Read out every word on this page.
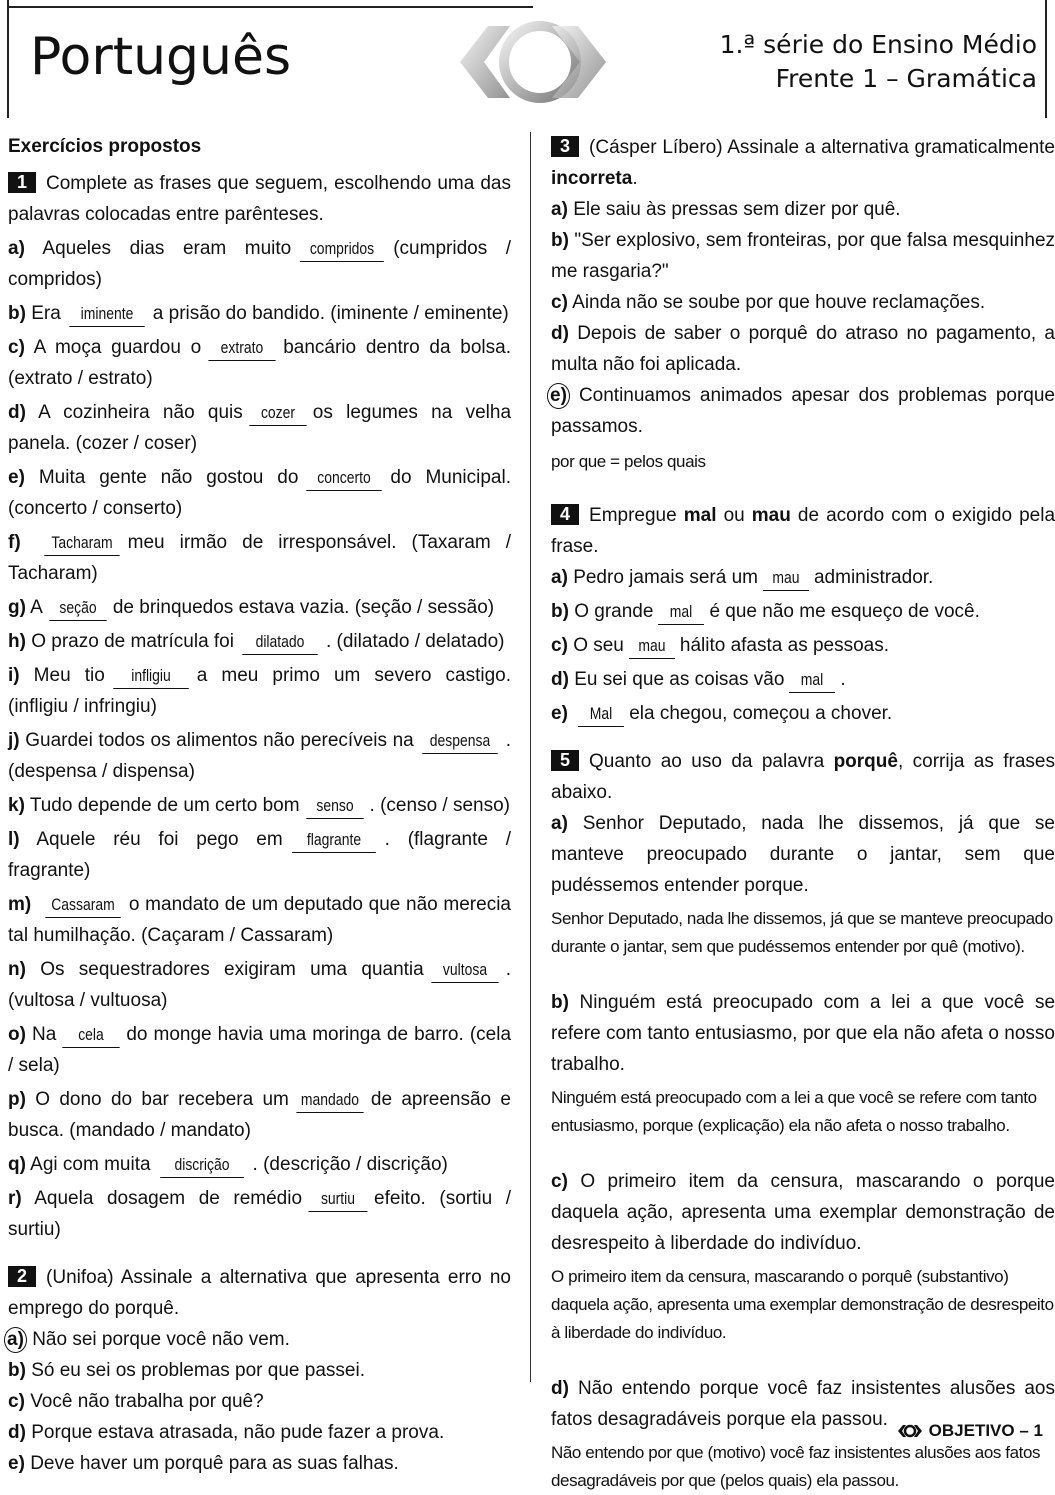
Português	1.ª série do Ensino Médio
Frente 1 – Gramática
Exercícios propostos
1 Complete as frases que seguem, escolhendo uma das palavras colocadas entre parênteses.
a) Aqueles dias eram muito compridos (cumpridos / compridos)
b) Era iminente a prisão do bandido. (iminente / eminente)
c) A moça guardou o extrato bancário dentro da bolsa. (extrato / estrato)
d) A cozinheira não quis cozer os legumes na velha panela. (cozer / coser)
e) Muita gente não gostou do concerto do Municipal. (concerto / conserto)
f) Tacharam meu irmão de irresponsável. (Taxaram / Tacharam)
g) A seção de brinquedos estava vazia. (seção / sessão)
h) O prazo de matrícula foi dilatado . (dilatado / delatado)
i) Meu tio infligiu a meu primo um severo castigo. (infligiu / infringiu)
j) Guardei todos os alimentos não perecíveis na despensa . (despensa / dispensa)
k) Tudo depende de um certo bom senso . (censo / senso)
l) Aquele réu foi pego em flagrante . (flagrante / fragrante)
m) Cassaram o mandato de um deputado que não merecia tal humilhação. (Caçaram / Cassaram)
n) Os sequestradores exigiram uma quantia vultosa . (vultosa / vultuosa)
o) Na cela do monge havia uma moringa de barro. (cela / sela)
p) O dono do bar recebera um mandado de apreensão e busca. (mandado / mandato)
q) Agi com muita discrição . (descrição / discrição)
r) Aquela dosagem de remédio surtiu efeito. (sortiu / surtiu)
2 (Unifoa) Assinale a alternativa que apresenta erro no emprego do porquê.
a) Não sei porque você não vem.
b) Só eu sei os problemas por que passei.
c) Você não trabalha por quê?
d) Porque estava atrasada, não pude fazer a prova.
e) Deve haver um porquê para as suas falhas.
3 (Cásper Líbero) Assinale a alternativa gramaticalmente incorreta.
a) Ele saiu às pressas sem dizer por quê.
b) "Ser explosivo, sem fronteiras, por que falsa mesquinhez me rasgaria?"
c) Ainda não se soube por que houve reclamações.
d) Depois de saber o porquê do atraso no pagamento, a multa não foi aplicada.
e) Continuamos animados apesar dos problemas porque passamos.
por que = pelos quais
4 Empregue mal ou mau de acordo com o exigido pela frase.
a) Pedro jamais será um mau administrador.
b) O grande mal é que não me esqueço de você.
c) O seu mau hálito afasta as pessoas.
d) Eu sei que as coisas vão mal .
e) Mal ela chegou, começou a chover.
5 Quanto ao uso da palavra porquê, corrija as frases abaixo.
a) Senhor Deputado, nada lhe dissemos, já que se manteve preocupado durante o jantar, sem que pudéssemos entender porque.
Senhor Deputado, nada lhe dissemos, já que se manteve preocupado durante o jantar, sem que pudéssemos entender por quê (motivo).
b) Ninguém está preocupado com a lei a que você se refere com tanto entusiasmo, por que ela não afeta o nosso trabalho.
Ninguém está preocupado com a lei a que você se refere com tanto entusiasmo, porque (explicação) ela não afeta o nosso trabalho.
c) O primeiro item da censura, mascarando o porque daquela ação, apresenta uma exemplar demonstração de desrespeito à liberdade do indivíduo.
O primeiro item da censura, mascarando o porquê (substantivo) daquela ação, apresenta uma exemplar demonstração de desrespeito à liberdade do indivíduo.
d) Não entendo porque você faz insistentes alusões aos fatos desagradáveis porque ela passou.
Não entendo por que (motivo) você faz insistentes alusões aos fatos desagradáveis por que (pelos quais) ela passou.
OBJETIVO
– 1
